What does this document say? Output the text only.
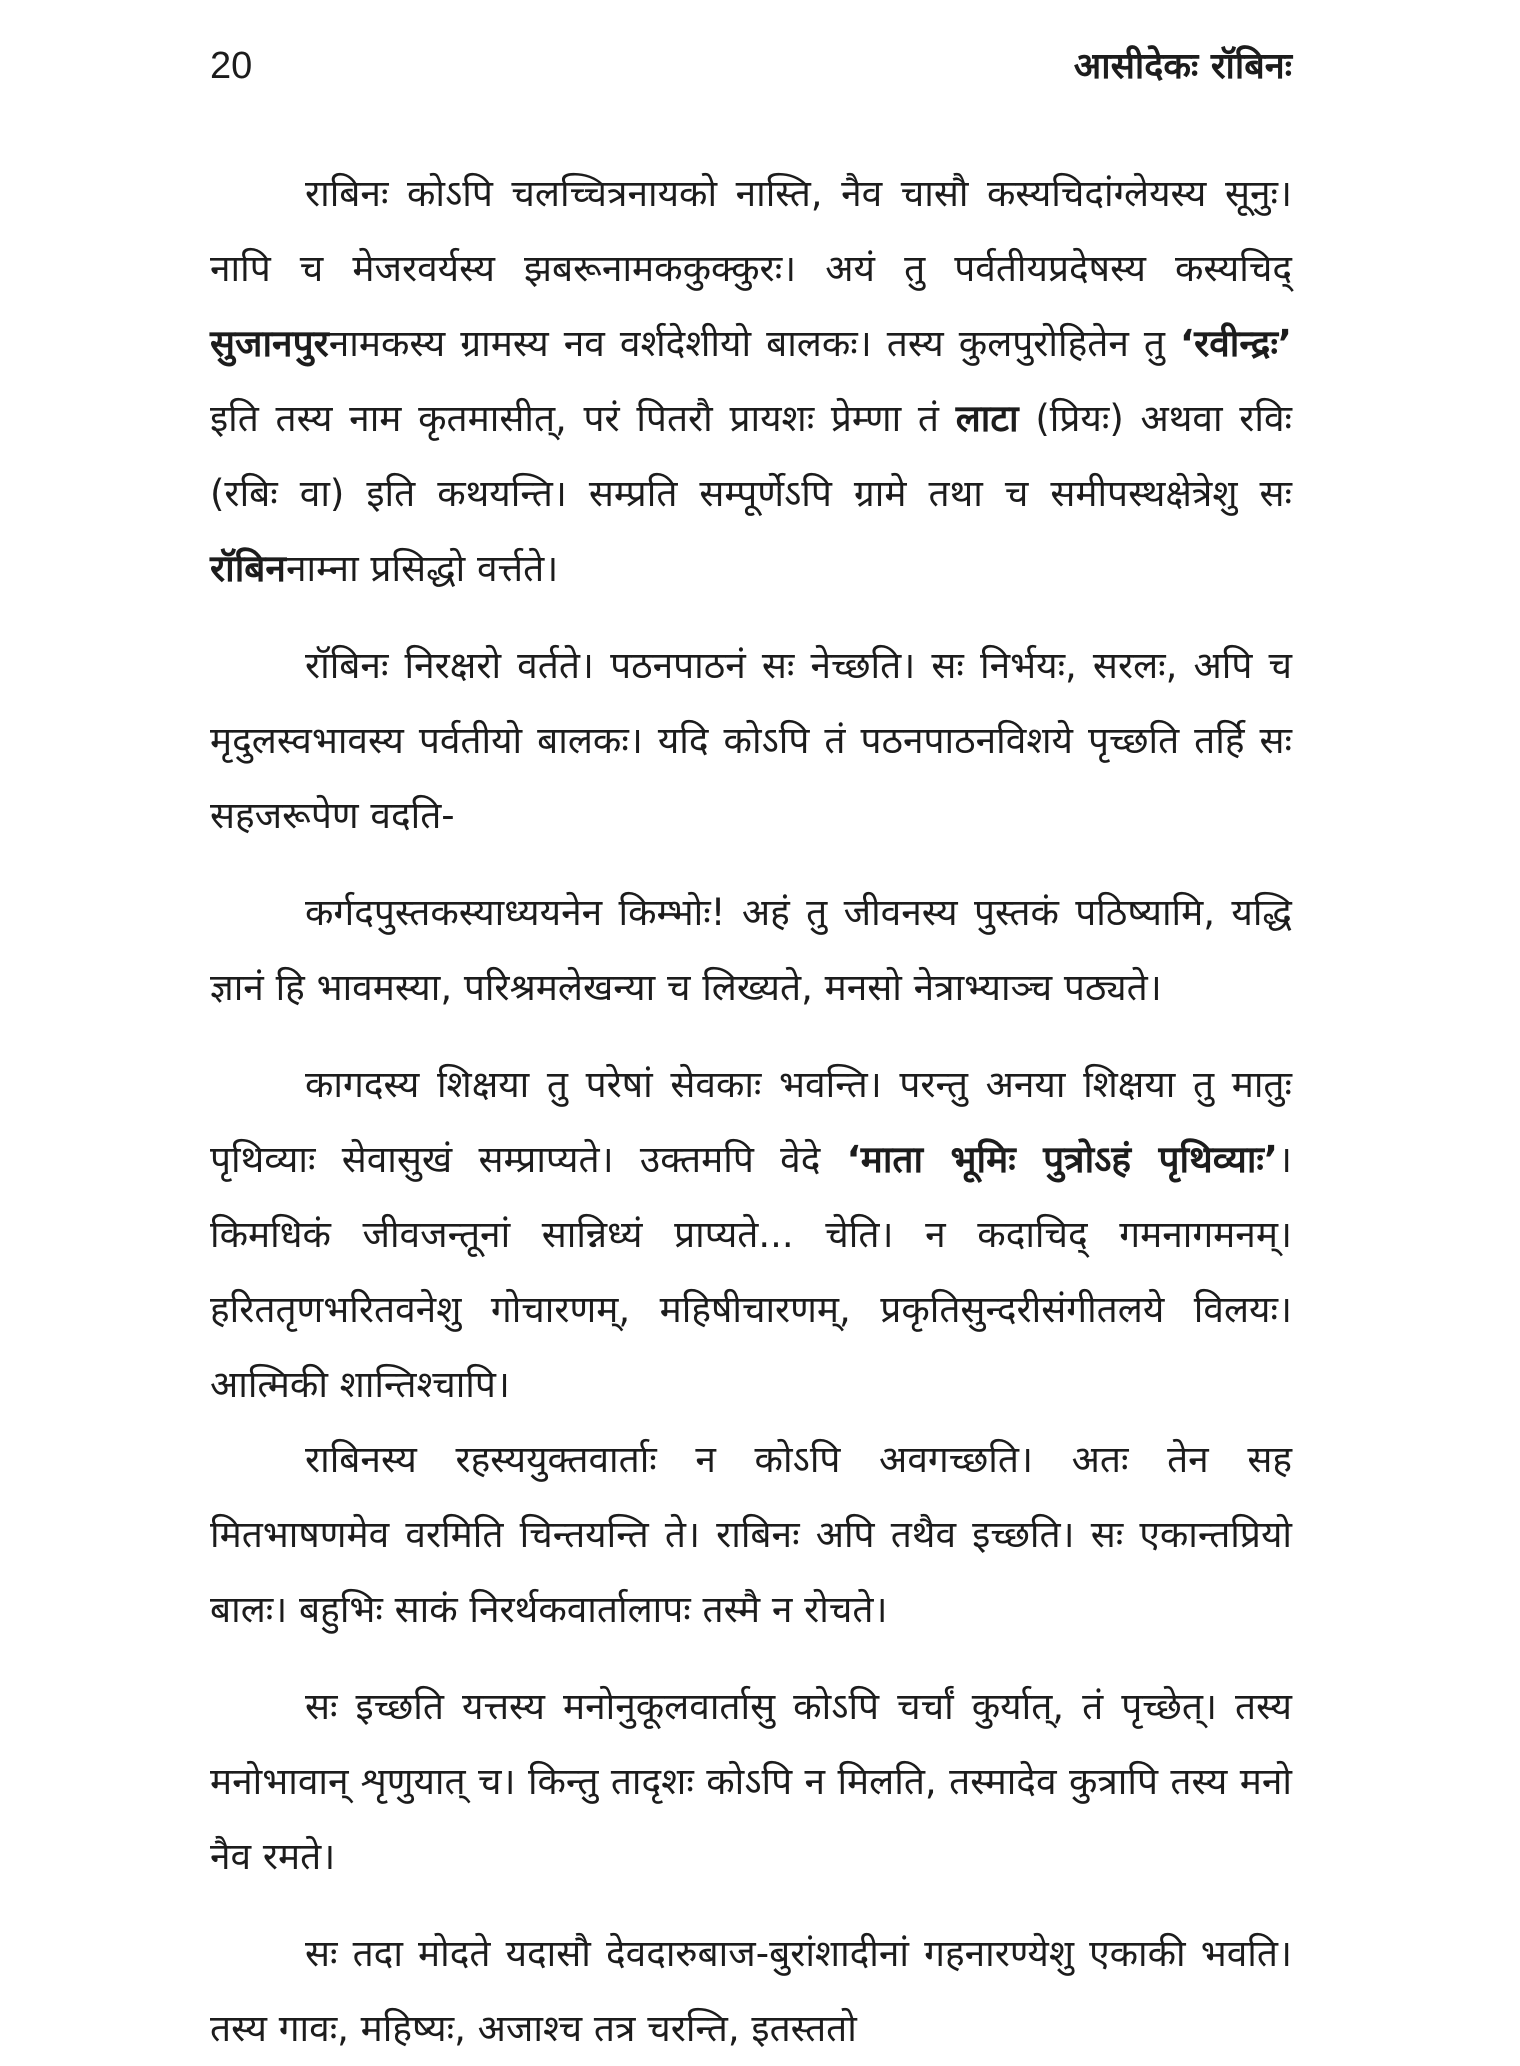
20	आसीदेकः रॉबिनः

राबिनः कोऽपि चलच्चित्रनायको नास्ति, नैव चासौ कस्यचिदांग्लेयस्य सूनुः। नापि च मेजरवर्यस्य झबरूनामककुक्कुरः। अयं तु पर्वतीयप्रदेषस्य कस्यचिद् सुजानपुरनामकस्य ग्रामस्य नव वर्शदेशीयो बालकः। तस्य कुलपुरोहितेन तु ‘रवीन्द्रः’ इति तस्य नाम कृतमासीत्, परं पितरौ प्रायशः प्रेम्णा तं लाटा (प्रियः) अथवा रविः (रबिः वा) इति कथयन्ति। सम्प्रति सम्पूर्णेऽपि ग्रामे तथा च समीपस्थक्षेत्रेशु सः रॉबिननाम्ना प्रसिद्धो वर्त्तते।

रॉबिनः निरक्षरो वर्तते। पठनपाठनं सः नेच्छति। सः निर्भयः, सरलः, अपि च मृदुलस्वभावस्य पर्वतीयो बालकः। यदि कोऽपि तं पठनपाठनविशये पृच्छति तर्हि सः सहजरूपेण वदति-

कर्गदपुस्तकस्याध्ययनेन किम्भोः! अहं तु जीवनस्य पुस्तकं पठिष्यामि, यद्धि ज्ञानं हि भावमस्या, परिश्रमलेखन्या च लिख्यते, मनसो नेत्राभ्याञ्च पठ्यते।

कागदस्य शिक्षया तु परेषां सेवकाः भवन्ति। परन्तु अनया शिक्षया तु मातुः पृथिव्याः सेवासुखं सम्प्राप्यते। उक्तमपि वेदे ‘माता भूमिः पुत्रोऽहं पृथिव्याः’। किमधिकं जीवजन्तूनां सान्निध्यं प्राप्यते... चेति। न कदाचिद् गमनागमनम्। हरिततृणभरितवनेशु गोचारणम्, महिषीचारणम्, प्रकृतिसुन्दरीसंगीतलये विलयः। आत्मिकी शान्तिश्चापि।

राबिनस्य रहस्ययुक्तवार्ताः न कोऽपि अवगच्छति। अतः तेन सह मितभाषणमेव वरमिति चिन्तयन्ति ते। राबिनः अपि तथैव इच्छति। सः एकान्तप्रियो बालः। बहुभिः साकं निरर्थकवार्तालापः तस्मै न रोचते।

सः इच्छति यत्तस्य मनोनुकूलवार्तासु कोऽपि चर्चां कुर्यात्, तं पृच्छेत्। तस्य मनोभावान् शृणुयात् च। किन्तु तादृशः कोऽपि न मिलति, तस्मादेव कुत्रापि तस्य मनो नैव रमते।

सः तदा मोदते यदासौ देवदारुबाज-बुरांशादीनां गहनारण्येशु एकाकी भवति। तस्य गावः, महिष्यः, अजाश्च तत्र चरन्ति, इतस्ततो
